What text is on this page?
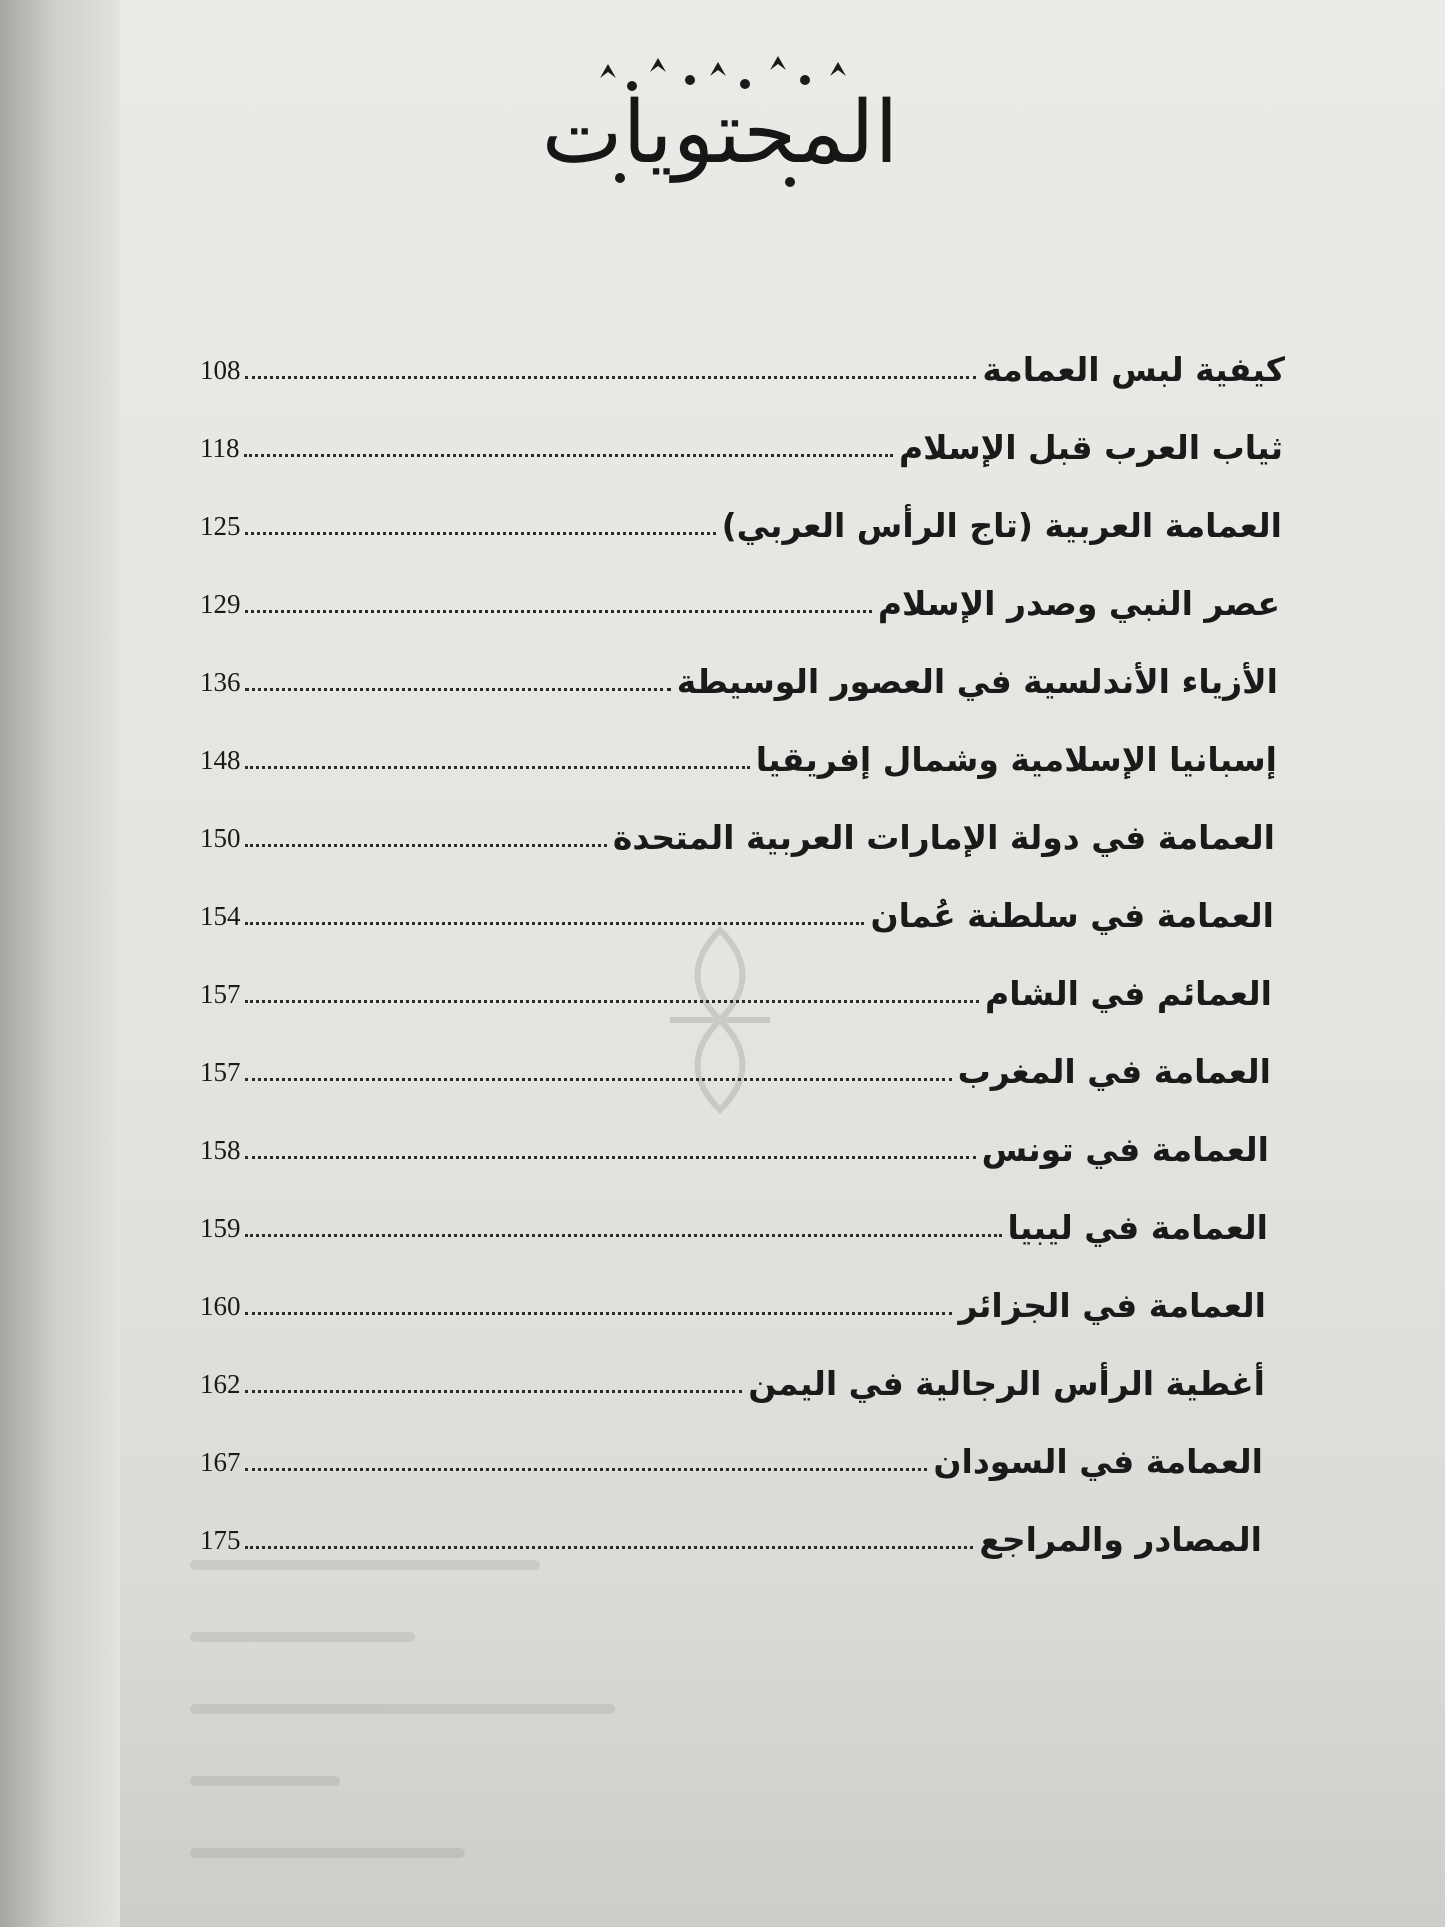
المحتويات
108	كيفية لبس العمامة
118	ثياب العرب قبل الإسلام
125	العمامة العربية (تاج الرأس العربي)
129	عصر النبي وصدر الإسلام
136	الأزياء الأندلسية في العصور الوسيطة
148	إسبانيا الإسلامية وشمال إفريقيا
150	العمامة في دولة الإمارات العربية المتحدة
154	العمامة في سلطنة عُمان
157	العمائم في الشام
157	العمامة في المغرب
158	العمامة في تونس
159	العمامة في ليبيا
160	العمامة في الجزائر
162	أغطية الرأس الرجالية في اليمن
167	العمامة في السودان
175	المصادر والمراجع
